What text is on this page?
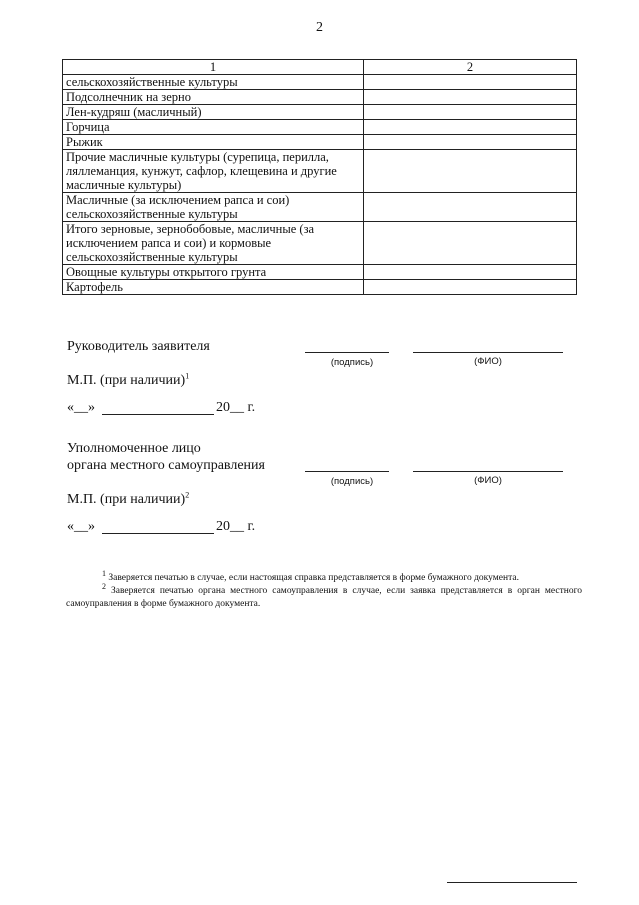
2
1	2
сельскохозяйственные культуры	
Подсолнечник на зерно	
Лен-кудряш (масличный)	
Горчица	
Рыжик	
Прочие масличные культуры (сурепица, перилла, ляллеманция, кунжут, сафлор, клещевина и другие масличные культуры)	
Масличные (за исключением рапса и сои) сельскохозяйственные культуры	
Итого зерновые, зернобобовые, масличные (за исключением рапса и сои) и кормовые сельскохозяйственные культуры	
Овощные культуры открытого грунта	
Картофель	
Руководитель заявителя
(подпись)	(ФИО)
М.П. (при наличии)$^1$
«__»	20__ г.
Уполномоченное лицо
органа местного самоуправления
(подпись)	(ФИО)
М.П. (при наличии)$^2$
«__»	20__ г.
$^1$ Заверяется печатью в случае, если настоящая справка представляется в форме бумажного документа.
$^2$ Заверяется печатью органа местного самоуправления в случае, если заявка представляется в орган местного самоуправления в форме бумажного документа.
